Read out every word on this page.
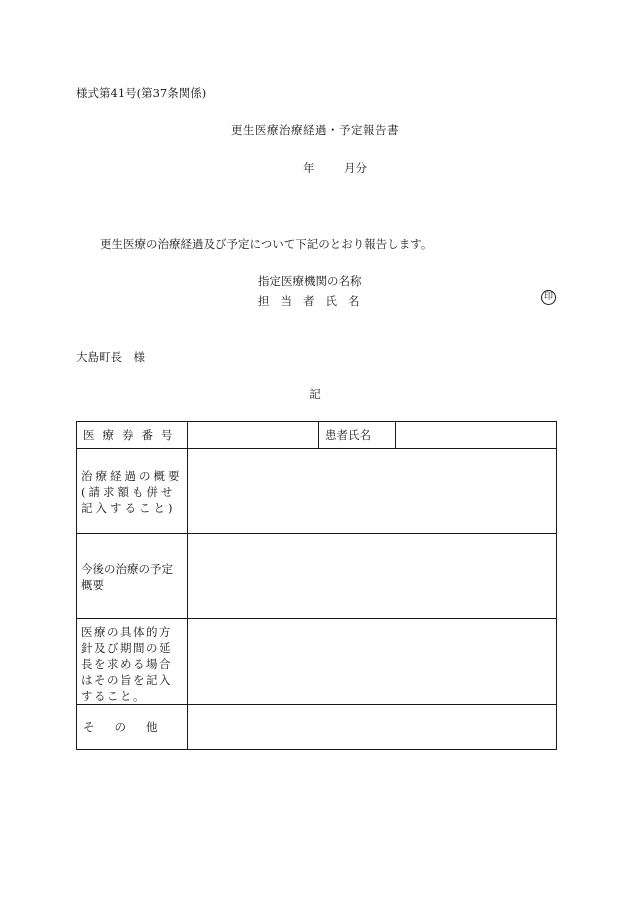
様式第41号(第37条関係)
更生医療治療経過・予定報告書
年	月分
更生医療の治療経過及び予定について下記のとおり報告します。
指定医療機関の名称
担当者氏名	印
大島町長　様
記
医療券番号		患者氏名	

治療経過の概要(請求額も併せ記入すること)			

今後の治療の予定概要			

医療の具体的方針及び期間の延長を求める場合はその旨を記入すること。			

その他			
